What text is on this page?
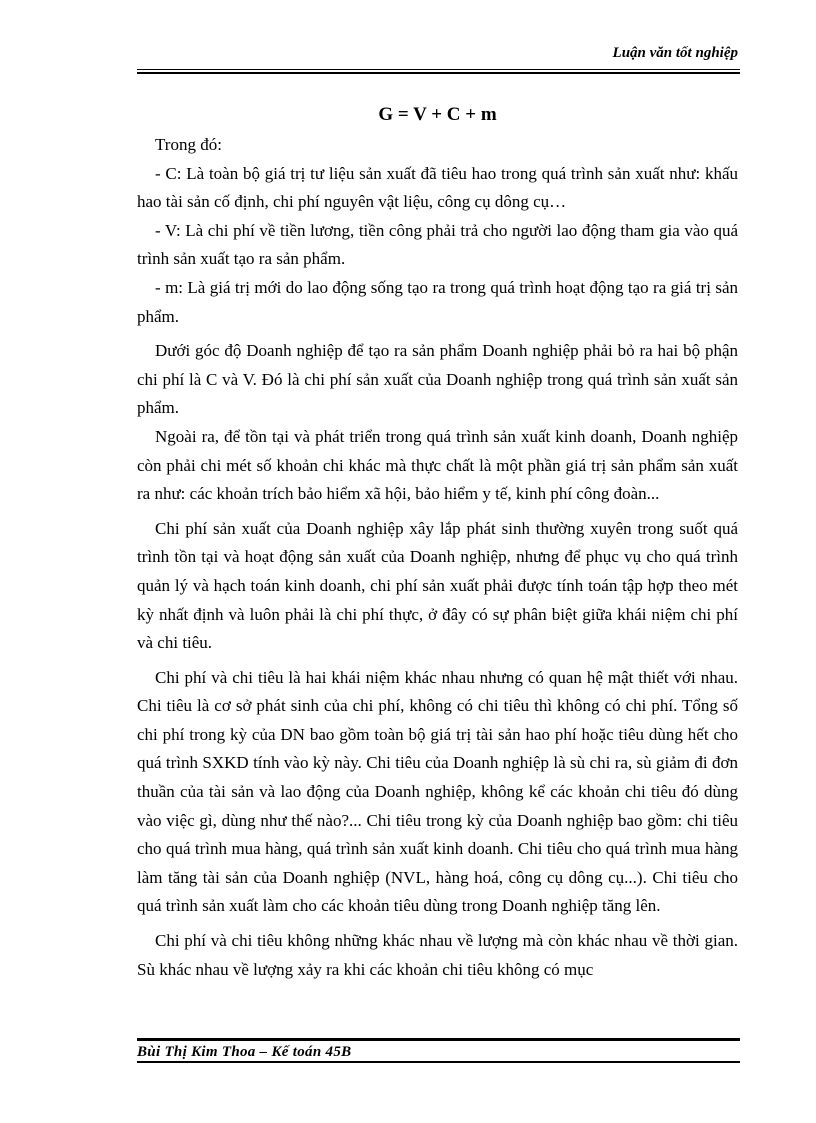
Luận văn tốt nghiệp
G = V + C + m

Trong đó:

- C: Là toàn bộ giá trị tư liệu sản xuất đã tiêu hao trong quá trình sản xuất như: khấu hao tài sản cố định, chi phí nguyên vật liệu, công cụ dông cụ…

- V: Là chi phí về tiền lương, tiền công phải trả cho người lao động tham gia vào quá trình sản xuất tạo ra sản phẩm.

- m: Là giá trị mới do lao động sống tạo ra trong quá trình hoạt động tạo ra giá trị sản phẩm.

Dưới góc độ Doanh nghiệp để tạo ra sản phẩm Doanh nghiệp phải bỏ ra hai bộ phận chi phí là C và V. Đó là chi phí sản xuất của Doanh nghiệp trong quá trình sản xuất sản phẩm.

Ngoài ra, để tồn tại và phát triển trong quá trình sản xuất kinh doanh, Doanh nghiệp còn phải chi mét số khoản chi khác mà thực chất là một phần giá trị sản phẩm sản xuất ra như: các khoản trích bảo hiểm xã hội, bảo hiểm y tế, kinh phí công đoàn...

Chi phí sản xuất của Doanh nghiệp xây lắp phát sinh thường xuyên trong suốt quá trình tồn tại và hoạt động sản xuất của Doanh nghiệp, nhưng để phục vụ cho quá trình quản lý và hạch toán kinh doanh, chi phí sản xuất phải được tính toán tập hợp theo mét kỳ nhất định và luôn phải là chi phí thực, ở đây có sự phân biệt giữa khái niệm chi phí và chi tiêu.

Chi phí và chi tiêu là hai khái niệm khác nhau nhưng có quan hệ mật thiết với nhau. Chi tiêu là cơ sở phát sinh của chi phí, không có chi tiêu thì không có chi phí. Tổng số chi phí trong kỳ của DN bao gồm toàn bộ giá trị tài sản hao phí hoặc tiêu dùng hết cho quá trình SXKD tính vào kỳ này. Chi tiêu của Doanh nghiệp là sù chi ra, sù giảm đi đơn thuần của tài sản và lao động của Doanh nghiệp, không kể các khoản chi tiêu đó dùng vào việc gì, dùng như thế nào?... Chi tiêu trong kỳ của Doanh nghiệp bao gồm: chi tiêu cho quá trình mua hàng, quá trình sản xuất kinh doanh. Chi tiêu cho quá trình mua hàng làm tăng tài sản của Doanh nghiệp (NVL, hàng hoá, công cụ dông cụ...). Chi tiêu cho quá trình sản xuất làm cho các khoản tiêu dùng trong Doanh nghiệp tăng lên.

Chi phí và chi tiêu không những khác nhau về lượng mà còn khác nhau về thời gian. Sù khác nhau về lượng xảy ra khi các khoản chi tiêu không có mục

Bùi Thị Kim Thoa – Kế toán 45B
